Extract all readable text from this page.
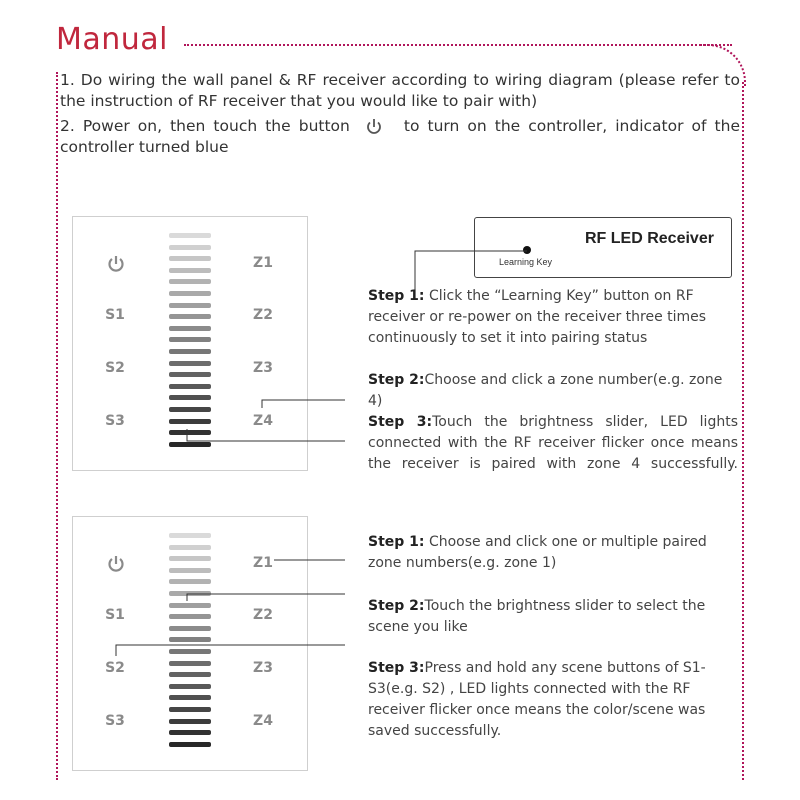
Manual

1. Do wiring the wall panel & RF receiver according to wiring diagram (please refer to

the instruction of RF receiver that you would like to pair with)

2. Power on, then touch the button	to turn on the controller, indicator of the

controller turned blue

S1
S2
S3
Z1
Z2
Z3
Z4
S1
S2
S3
Z1
Z2
Z3
Z4
RF LED Receiver
Learning Key
Step 1: Click the “Learning Key” button on RF receiver or re-power on the receiver three times continuously to set it into pairing status
Step 2:Choose and click a zone number(e.g. zone 4)
Step 3:Touch the brightness slider, LED lights connected with the RF receiver flicker once means the receiver is paired with zone 4 successfully.
Step 1: Choose and click one or multiple paired zone numbers(e.g. zone 1)
Step 2:Touch the brightness slider to select the scene you like
Step 3:Press and hold any scene buttons of S1-S3(e.g. S2) , LED lights connected with the RF receiver flicker once means the color/scene was saved successfully.
